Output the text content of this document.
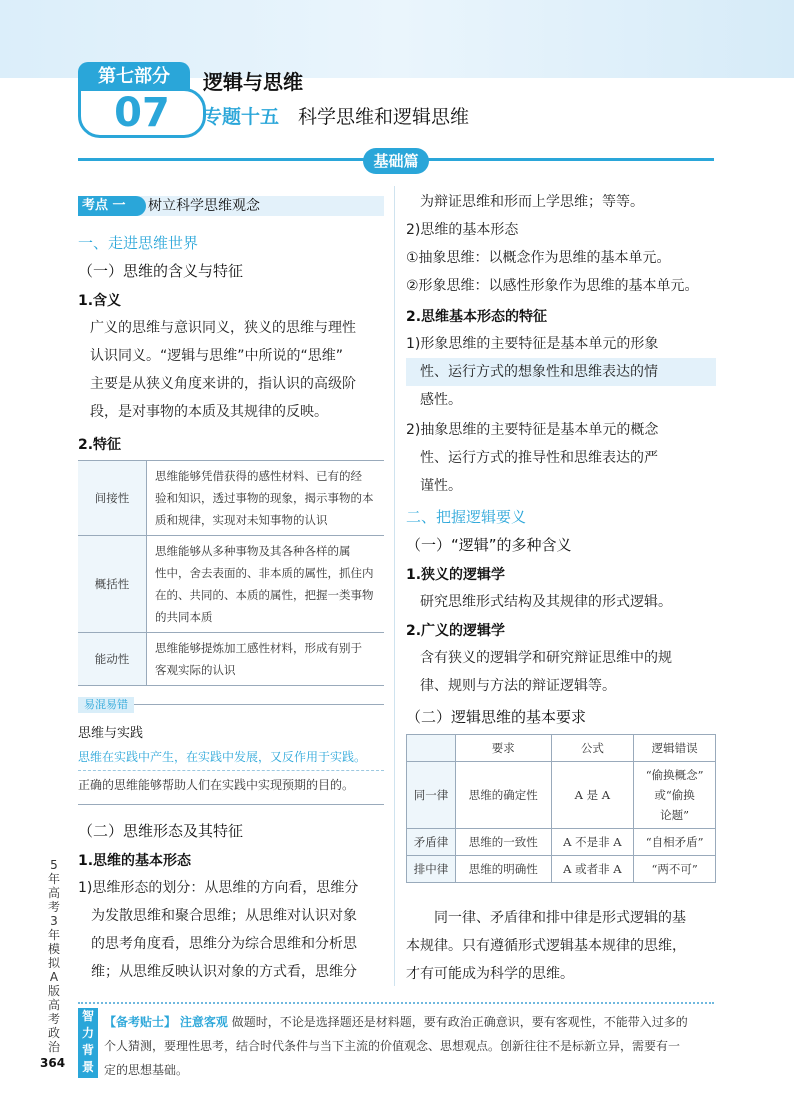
第七部分
07
逻辑与思维
专题十五 科学思维和逻辑思维
基础篇
考点 一	树立科学思维观念
一、走进思维世界
（一）思维的含义与特征
1.含义
广义的思维与意识同义，狭义的思维与理性
认识同义。“逻辑与思维”中所说的“思维”
主要是从狭义角度来讲的，指认识的高级阶
段，是对事物的本质及其规律的反映。
2.特征
间接性	思维能够凭借获得的感性材料、已有的经
验和知识，透过事物的现象，揭示事物的本
质和规律，实现对未知事物的认识

概括性	思维能够从多种事物及其各种各样的属
性中，舍去表面的、非本质的属性，抓住内
在的、共同的、本质的属性，把握一类事物
的共同本质

能动性	思维能够提炼加工感性材料，形成有别于
客观实际的认识
易混易错
思维与实践
思维在实践中产生，在实践中发展，又反作用于实践。
正确的思维能够帮助人们在实践中实现预期的目的。
（二）思维形态及其特征
1.思维的基本形态
1)思维形态的划分：从思维的方向看，思维分
为发散思维和聚合思维；从思维对认识对象
的思考角度看，思维分为综合思维和分析思
维；从思维反映认识对象的方式看，思维分
为辩证思维和形而上学思维；等等。
2)思维的基本形态
①抽象思维：以概念作为思维的基本单元。
②形象思维：以感性形象作为思维的基本单元。
2.思维基本形态的特征
1)形象思维的主要特征是基本单元的形象
性、运行方式的想象性和思维表达的情
感性。
2)抽象思维的主要特征是基本单元的概念
性、运行方式的推导性和思维表达的严
谨性。
二、把握逻辑要义
（一）“逻辑”的多种含义
1.狭义的逻辑学
研究思维形式结构及其规律的形式逻辑。
2.广义的逻辑学
含有狭义的逻辑学和研究辩证思维中的规
律、规则与方法的辩证逻辑等。
（二）逻辑思维的基本要求
	要求	公式	逻辑错误
同一律	思维的确定性	A 是 A	“偷换概念”
或“偷换
论题”

矛盾律	思维的一致性	A 不是非 A	“自相矛盾”
排中律	思维的明确性	A 或者非 A	“两不可”
同一律、矛盾律和排中律是形式逻辑的基
本规律。只有遵循形式逻辑基本规律的思维，
才有可能成为科学的思维。
智力背景
【备考贴士】 注意客观 做题时，不论是选择题还是材料题，要有政治正确意识，要有客观性，不能带入过多的
个人猜测，要理性思考，结合时代条件与当下主流的价值观念、思想观点。创新往往不是标新立异，需要有一
定的思想基础。
5年高考3年模拟A版高考政治
364
